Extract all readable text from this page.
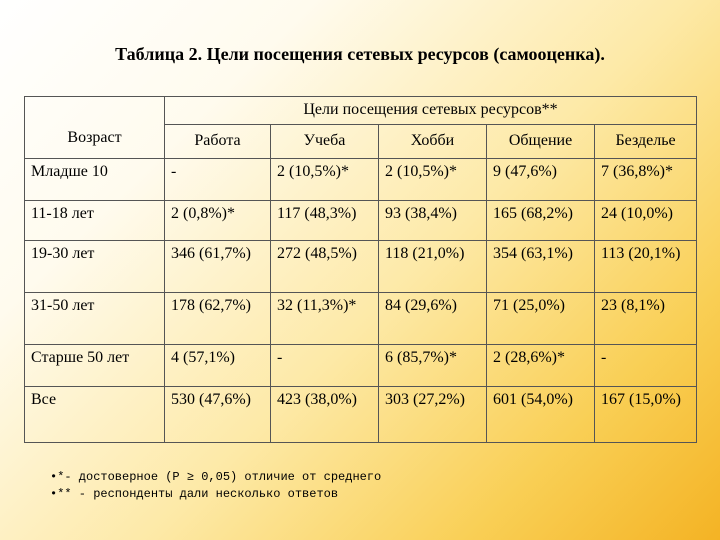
Таблица 2. Цели посещения сетевых ресурсов (самооценка).
Возраст	Цели посещения сетевых ресурсов**				
	Работа	Учеба	Хобби	Общение	Безделье
Младше 10	-	2 (10,5%)*	2 (10,5%)*	9 (47,6%)	7 (36,8%)*
11-18 лет	2 (0,8%)*	117 (48,3%)	93 (38,4%)	165 (68,2%)	24 (10,0%)
19-30 лет	346 (61,7%)	272 (48,5%)	118 (21,0%)	354 (63,1%)	113 (20,1%)
31-50 лет	178 (62,7%)	32 (11,3%)*	84 (29,6%)	71 (25,0%)	23 (8,1%)
Старше 50 лет	4 (57,1%)	-	6 (85,7%)*	2 (28,6%)*	-
Все	530 (47,6%)	423 (38,0%)	303 (27,2%)	601 (54,0%)	167 (15,0%)
•*- достоверное (P ≥ 0,05) отличие от среднего
•** - респонденты дали несколько ответов
